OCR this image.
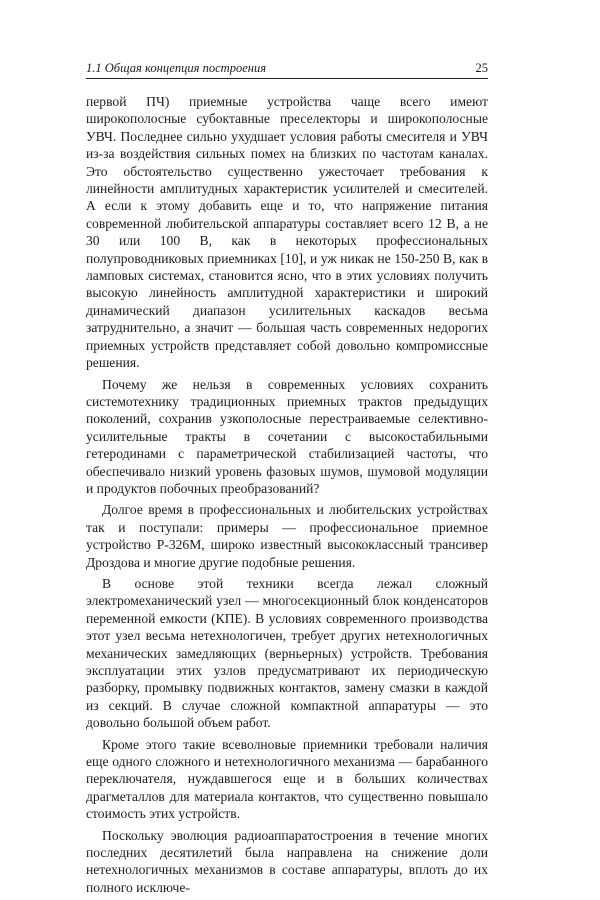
1.1 Общая концепция построения	25

первой ПЧ) приемные устройства чаще всего имеют широкополосные субоктавные преселекторы и широкополосные УВЧ. Последнее сильно ухудшает условия работы смесителя и УВЧ из-за воздействия сильных помех на близких по частотам каналах. Это обстоятельство существенно ужесточает требования к линейности амплитудных характеристик усилителей и смесителей. А если к этому добавить еще и то, что напряжение питания современной любительской аппаратуры составляет всего 12 В, а не 30 или 100 В, как в некоторых профессиональных полупроводниковых приемниках [10], и уж никак не 150-250 В, как в ламповых системах, становится ясно, что в этих условиях получить высокую линейность амплитудной характеристики и широкий динамический диапазон усилительных каскадов весьма затруднительно, а значит — большая часть современных недорогих приемных устройств представляет собой довольно компромиссные решения.

Почему же нельзя в современных условиях сохранить системотехнику традиционных приемных трактов предыдущих поколений, сохранив узкополосные перестраиваемые селективно-усилительные тракты в сочетании с высокостабильными гетеродинами с параметрической стабилизацией частоты, что обеспечивало низкий уровень фазовых шумов, шумовой модуляции и продуктов побочных преобразований?

Долгое время в профессиональных и любительских устройствах так и поступали: примеры — профессиональное приемное устройство Р-326М, широко известный высококлассный трансивер Дроздова и многие другие подобные решения.

В основе этой техники всегда лежал сложный электромеханический узел — многосекционный блок конденсаторов переменной емкости (КПЕ). В условиях современного производства этот узел весьма нетехнологичен, требует других нетехнологичных механических замедляющих (верньерных) устройств. Требования эксплуатации этих узлов предусматривают их периодическую разборку, промывку подвижных контактов, замену смазки в каждой из секций. В случае сложной компактной аппаратуры — это довольно большой объем работ.

Кроме этого такие всеволновые приемники требовали наличия еще одного сложного и нетехнологичного механизма — барабанного переключателя, нуждавшегося еще и в больших количествах драгметаллов для материала контактов, что существенно повышало стоимость этих устройств.

Поскольку эволюция радиоаппаратостроения в течение многих последних десятилетий была направлена на снижение доли нетехнологичных механизмов в составе аппаратуры, вплоть до их полного исключе-
